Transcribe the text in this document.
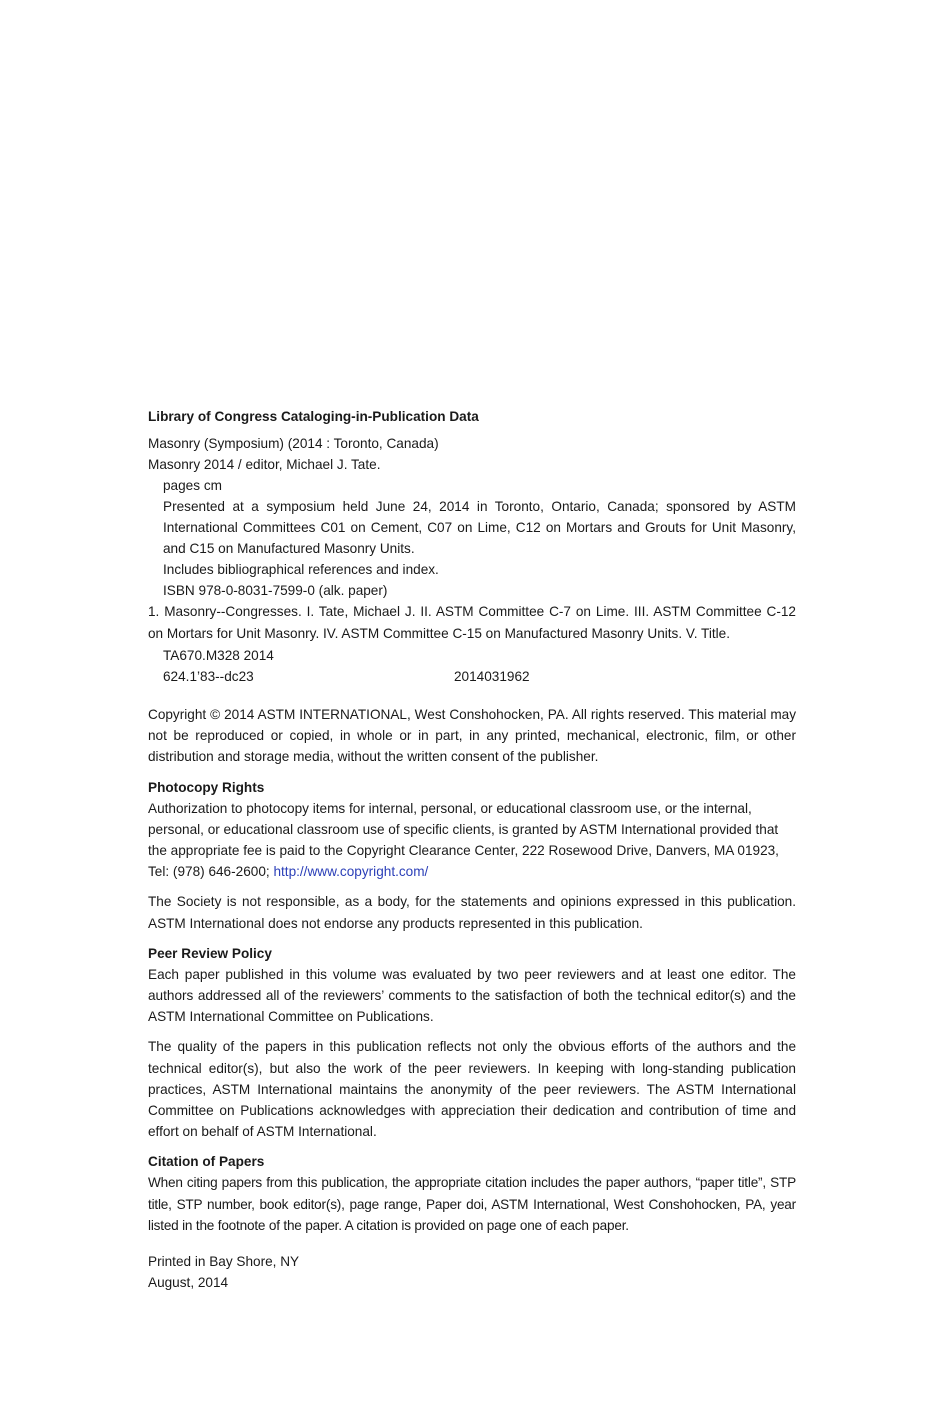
Library of Congress Cataloging-in-Publication Data

Masonry (Symposium) (2014 : Toronto, Canada)

Masonry 2014 / editor, Michael J. Tate.

pages cm

Presented at a symposium held June 24, 2014 in Toronto, Ontario, Canada; sponsored by ASTM International Committees C01 on Cement, C07 on Lime, C12 on Mortars and Grouts for Unit Masonry, and C15 on Manufactured Masonry Units.

Includes bibliographical references and index.

ISBN 978-0-8031-7599-0 (alk. paper)

1. Masonry--Congresses. I. Tate, Michael J. II. ASTM Committee C-7 on Lime. III. ASTM Committee C-12 on Mortars for Unit Masonry. IV. ASTM Committee C-15 on Manufactured Masonry Units. V. Title.

TA670.M328 2014

624.1’83--dc23	2014031962

Copyright © 2014 ASTM INTERNATIONAL, West Conshohocken, PA. All rights reserved. This material may not be reproduced or copied, in whole or in part, in any printed, mechanical, electronic, film, or other distribution and storage media, without the written consent of the publisher.

Photocopy Rights

Authorization to photocopy items for internal, personal, or educational classroom use, or the internal, personal, or educational classroom use of specific clients, is granted by ASTM International provided that the appropriate fee is paid to the Copyright Clearance Center, 222 Rosewood Drive, Danvers, MA 01923, Tel: (978) 646-2600; http://www.copyright.com/

The Society is not responsible, as a body, for the statements and opinions expressed in this publication. ASTM International does not endorse any products represented in this publication.

Peer Review Policy

Each paper published in this volume was evaluated by two peer reviewers and at least one editor. The authors addressed all of the reviewers’ comments to the satisfaction of both the technical editor(s) and the ASTM International Committee on Publications.

The quality of the papers in this publication reflects not only the obvious efforts of the authors and the technical editor(s), but also the work of the peer reviewers. In keeping with long-standing publication practices, ASTM International maintains the anonymity of the peer reviewers. The ASTM International Committee on Publications acknowledges with appreciation their dedication and contribution of time and effort on behalf of ASTM International.

Citation of Papers

When citing papers from this publication, the appropriate citation includes the paper authors, “paper title”, STP title, STP number, book editor(s), page range, Paper doi, ASTM International, West Conshohocken, PA, year listed in the footnote of the paper. A citation is provided on page one of each paper.

Printed in Bay Shore, NY

August, 2014
